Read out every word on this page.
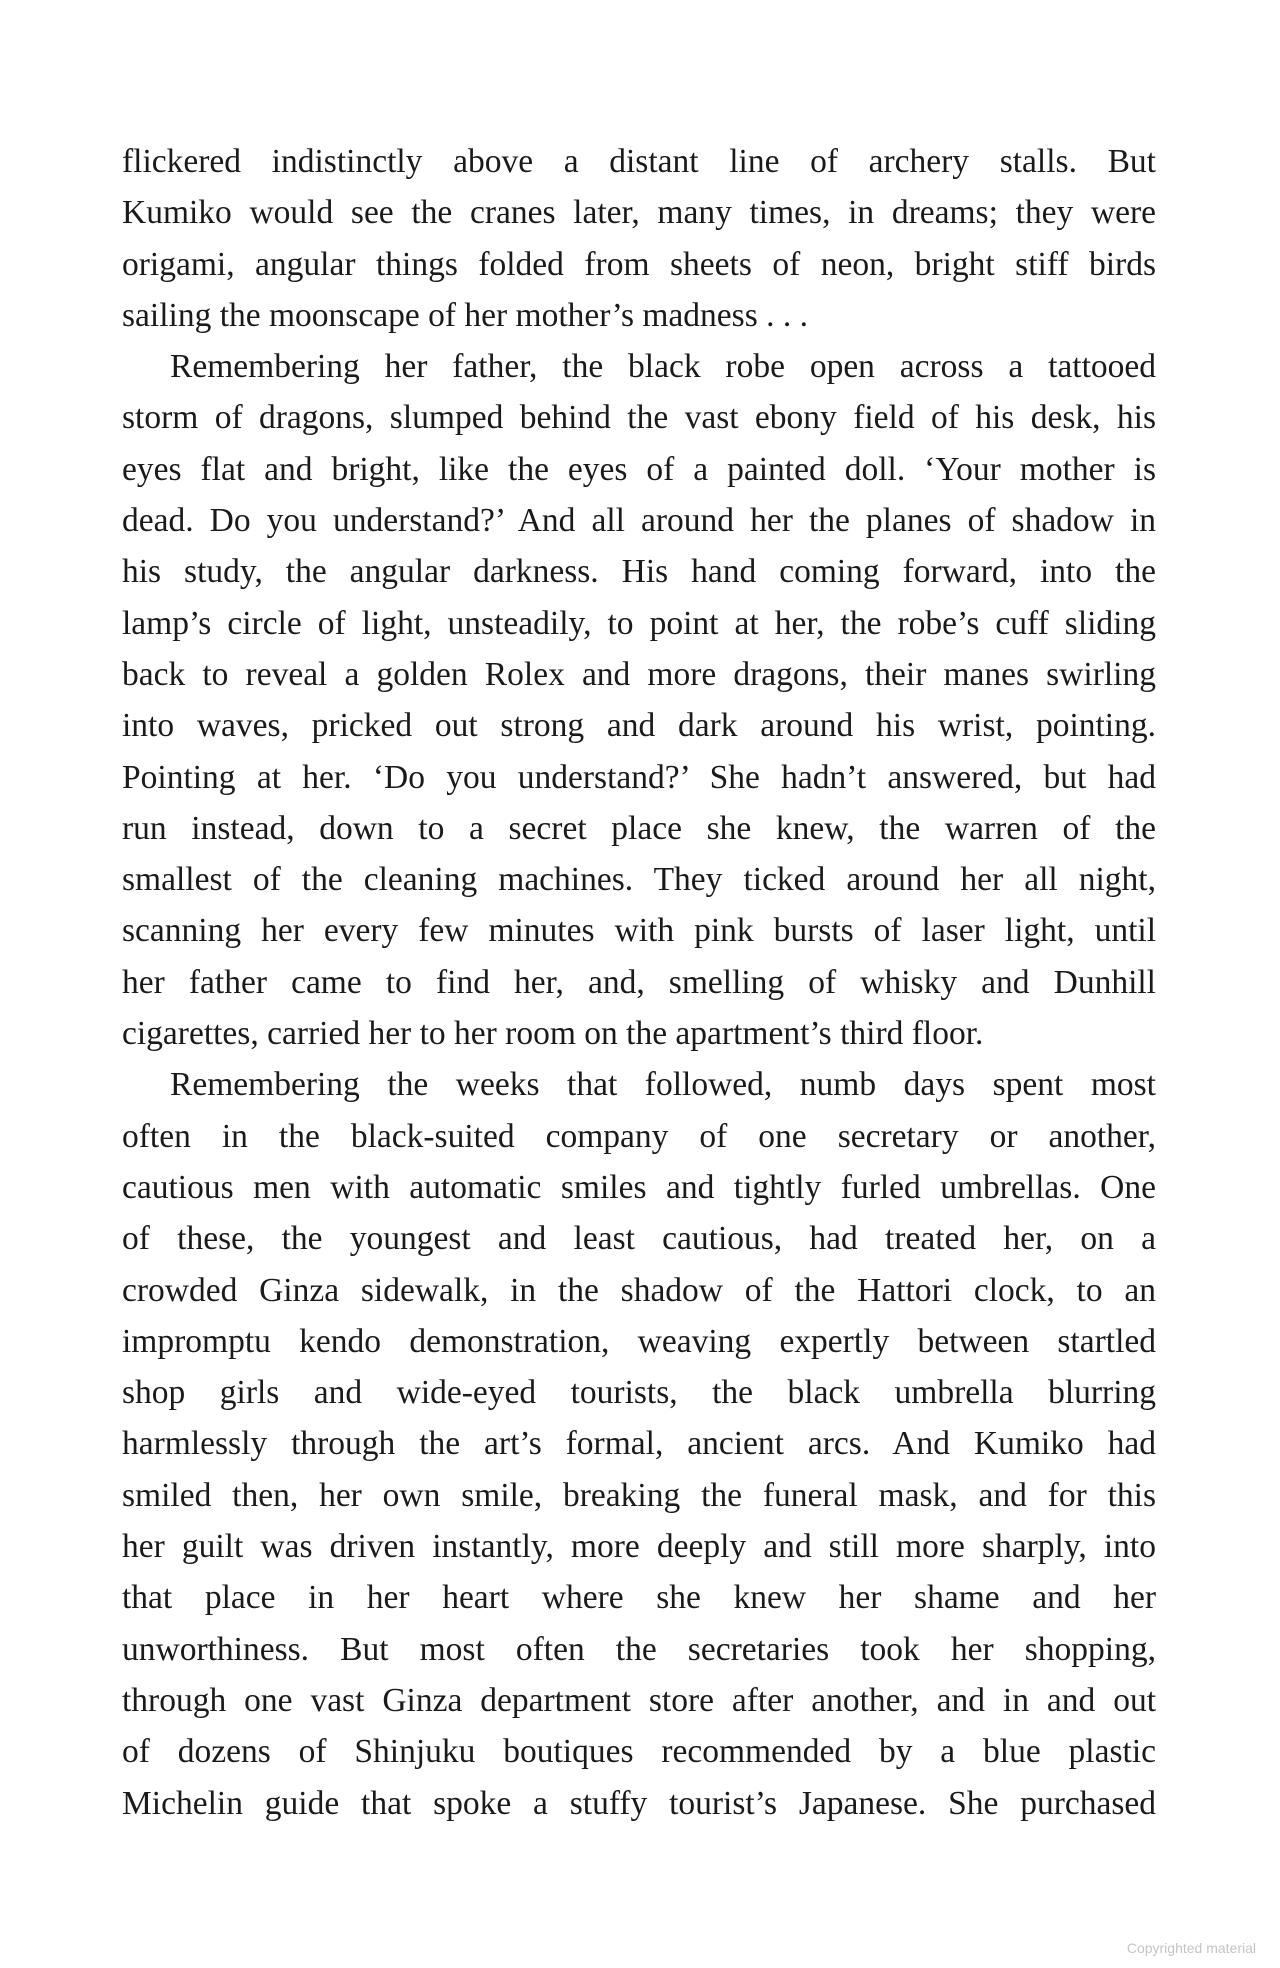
flickered indistinctly above a distant line of archery stalls. But
Kumiko would see the cranes later, many times, in dreams; they were
origami, angular things folded from sheets of neon, bright stiff birds
sailing the moonscape of her mother’s madness . . .

Remembering her father, the black robe open across a tattooed
storm of dragons, slumped behind the vast ebony field of his desk, his
eyes flat and bright, like the eyes of a painted doll. ‘Your mother is
dead. Do you understand?’ And all around her the planes of shadow in
his study, the angular darkness. His hand coming forward, into the
lamp’s circle of light, unsteadily, to point at her, the robe’s cuff sliding
back to reveal a golden Rolex and more dragons, their manes swirling
into waves, pricked out strong and dark around his wrist, pointing.
Pointing at her. ‘Do you understand?’ She hadn’t answered, but had
run instead, down to a secret place she knew, the warren of the
smallest of the cleaning machines. They ticked around her all night,
scanning her every few minutes with pink bursts of laser light, until
her father came to find her, and, smelling of whisky and Dunhill
cigarettes, carried her to her room on the apartment’s third floor.

Remembering the weeks that followed, numb days spent most
often in the black-suited company of one secretary or another,
cautious men with automatic smiles and tightly furled umbrellas. One
of these, the youngest and least cautious, had treated her, on a
crowded Ginza sidewalk, in the shadow of the Hattori clock, to an
impromptu kendo demonstration, weaving expertly between startled
shop girls and wide-eyed tourists, the black umbrella blurring
harmlessly through the art’s formal, ancient arcs. And Kumiko had
smiled then, her own smile, breaking the funeral mask, and for this
her guilt was driven instantly, more deeply and still more sharply, into
that place in her heart where she knew her shame and her
unworthiness. But most often the secretaries took her shopping,
through one vast Ginza department store after another, and in and out
of dozens of Shinjuku boutiques recommended by a blue plastic
Michelin guide that spoke a stuffy tourist’s Japanese. She purchased

Copyrighted material
